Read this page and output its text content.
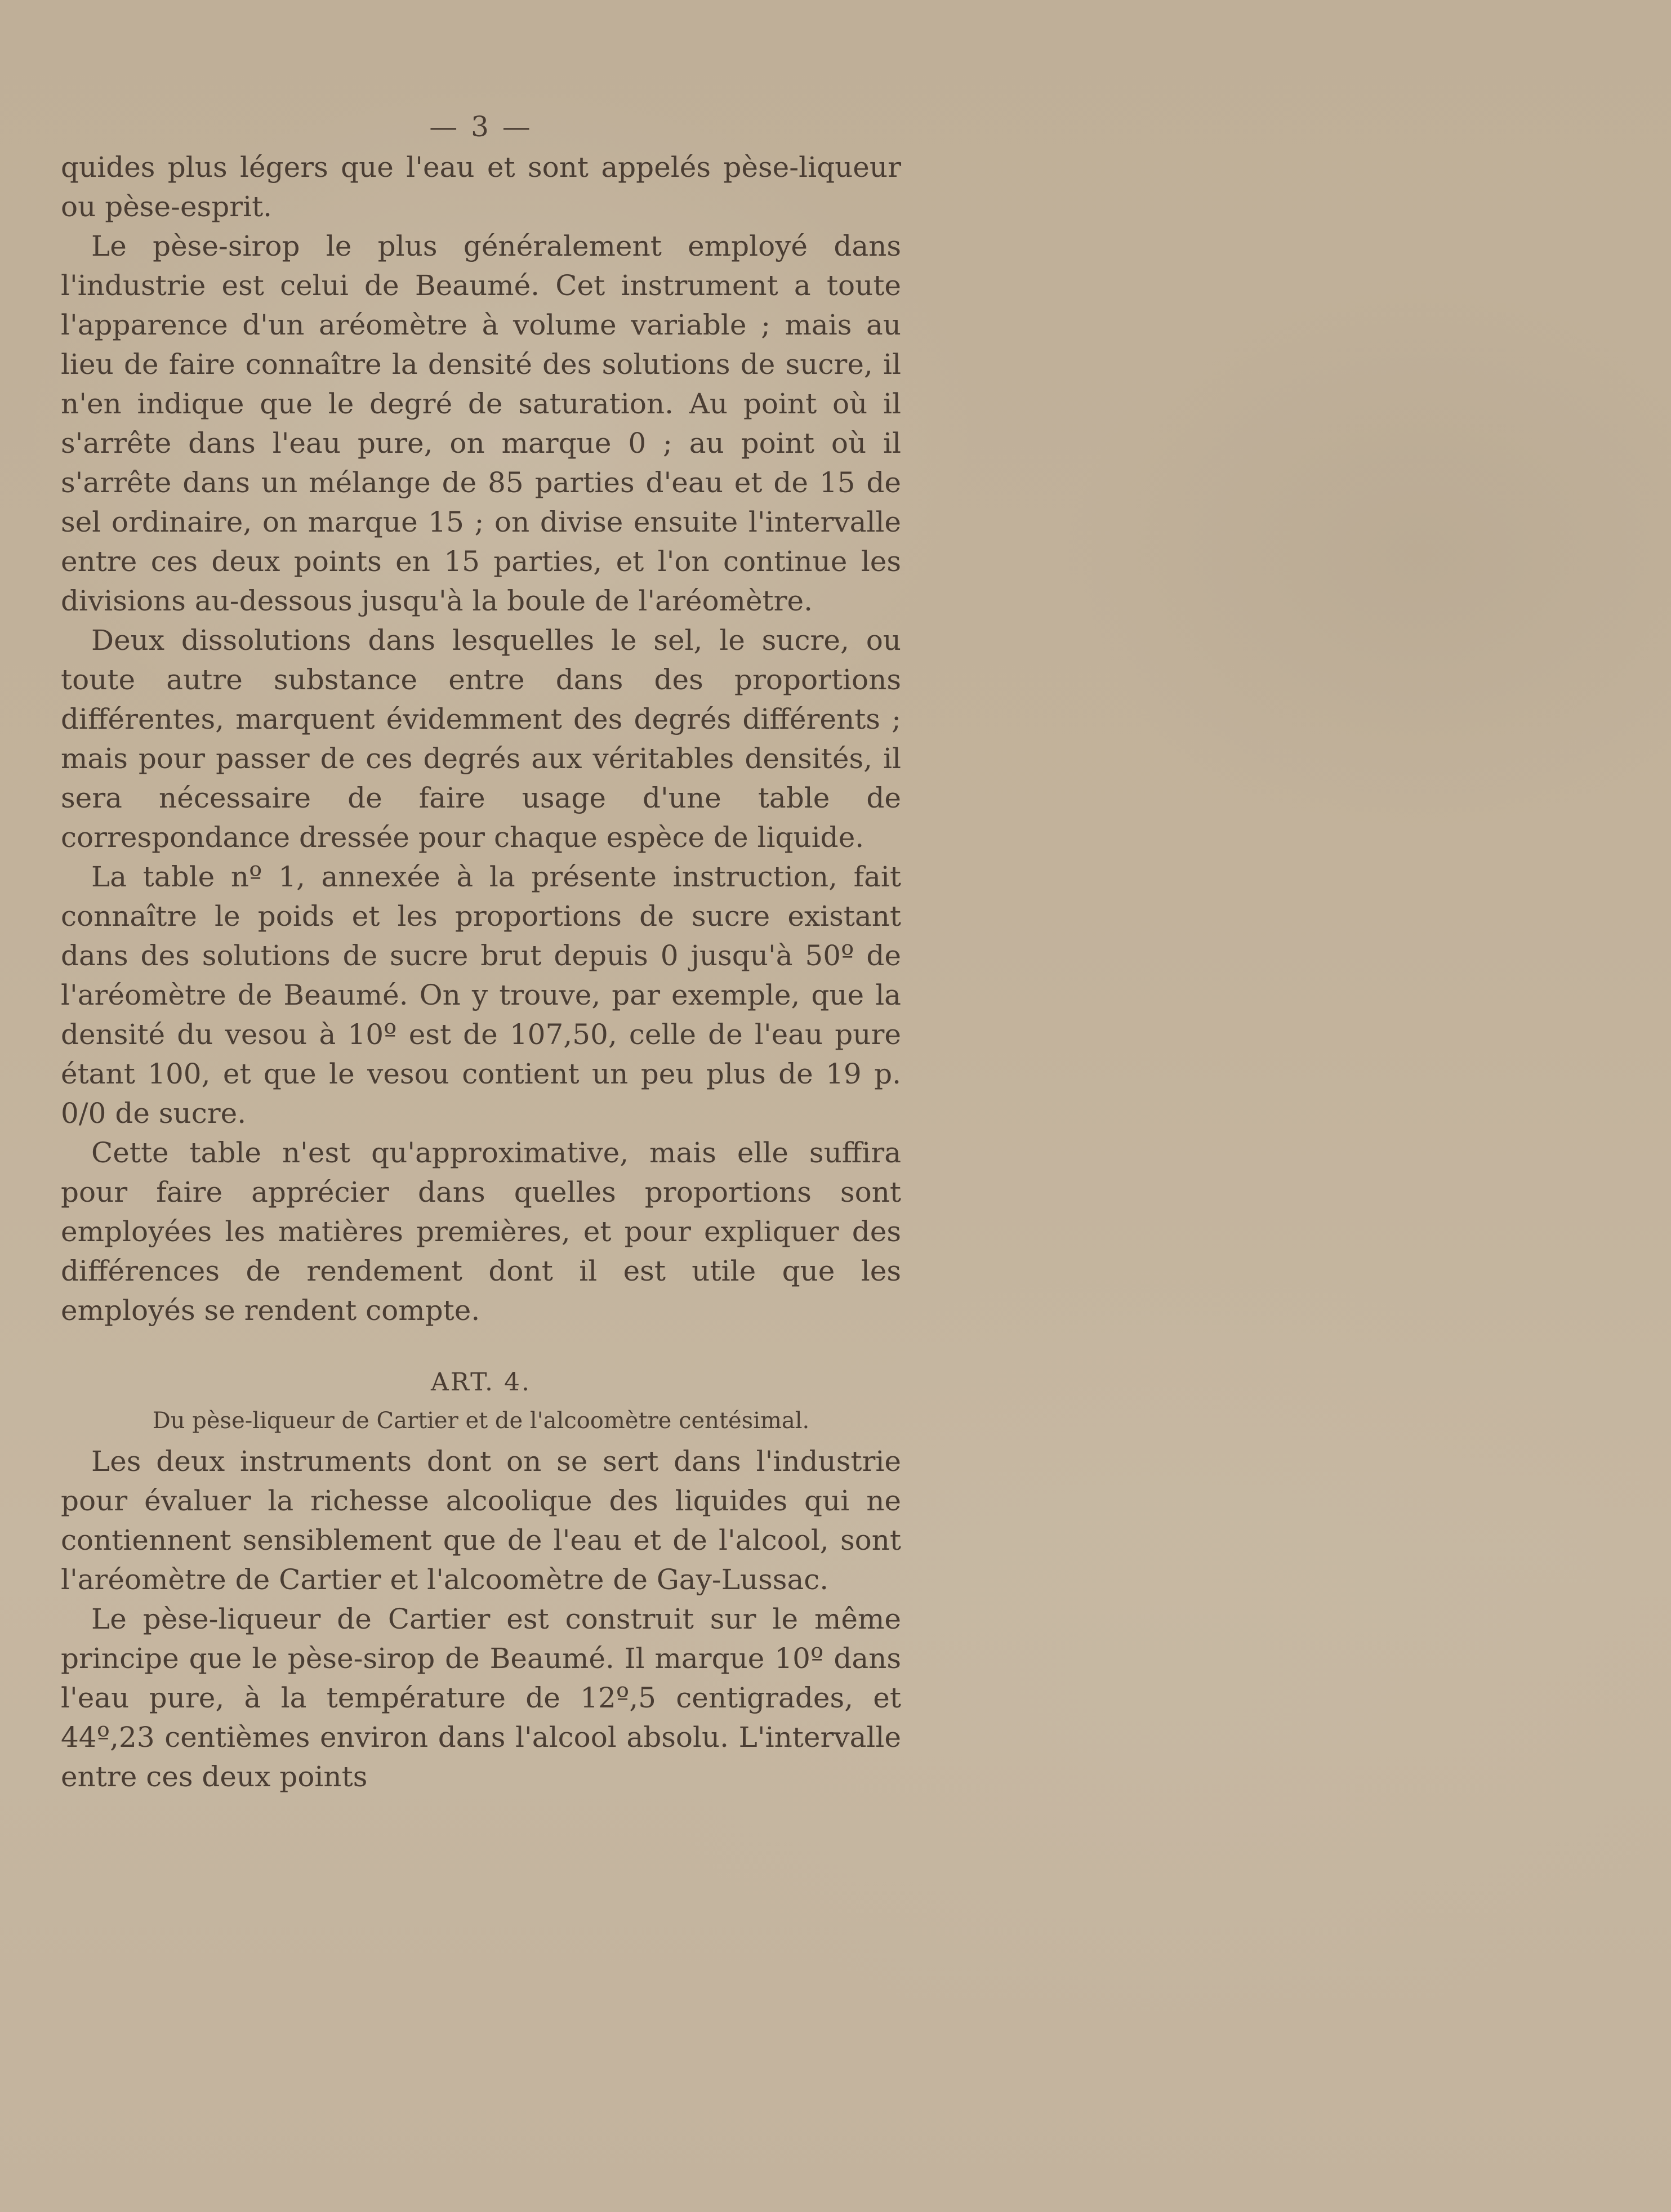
— 3 —

quides plus légers que l'eau et sont appelés pèse-liqueur ou pèse-esprit.

Le pèse-sirop le plus généralement employé dans l'industrie est celui de Beaumé. Cet instrument a toute l'apparence d'un aréomètre à volume variable ; mais au lieu de faire connaître la densité des solutions de sucre, il n'en indique que le degré de saturation. Au point où il s'arrête dans l'eau pure, on marque 0 ; au point où il s'arrête dans un mélange de 85 parties d'eau et de 15 de sel ordinaire, on marque 15 ; on divise ensuite l'intervalle entre ces deux points en 15 parties, et l'on continue les divisions au-dessous jusqu'à la boule de l'aréomètre.

Deux dissolutions dans lesquelles le sel, le sucre, ou toute autre substance entre dans des proportions différentes, marquent évidemment des degrés différents ; mais pour passer de ces degrés aux véritables densités, il sera nécessaire de faire usage d'une table de correspondance dressée pour chaque espèce de liquide.

La table nº 1, annexée à la présente instruction, fait connaître le poids et les proportions de sucre existant dans des solutions de sucre brut depuis 0 jusqu'à 50º de l'aréomètre de Beaumé. On y trouve, par exemple, que la densité du vesou à 10º est de 107,50, celle de l'eau pure étant 100, et que le vesou contient un peu plus de 19 p. 0/0 de sucre.

Cette table n'est qu'approximative, mais elle suffira pour faire apprécier dans quelles proportions sont employées les matières premières, et pour expliquer des différences de rendement dont il est utile que les employés se rendent compte.

ART. 4.
Du pèse-liqueur de Cartier et de l'alcoomètre centésimal.

Les deux instruments dont on se sert dans l'industrie pour évaluer la richesse alcoolique des liquides qui ne contiennent sensiblement que de l'eau et de l'alcool, sont l'aréomètre de Cartier et l'alcoomètre de Gay-Lussac.

Le pèse-liqueur de Cartier est construit sur le même principe que le pèse-sirop de Beaumé. Il marque 10º dans l'eau pure, à la température de 12º,5 centigrades, et 44º,23 centièmes environ dans l'alcool absolu. L'intervalle entre ces deux points
